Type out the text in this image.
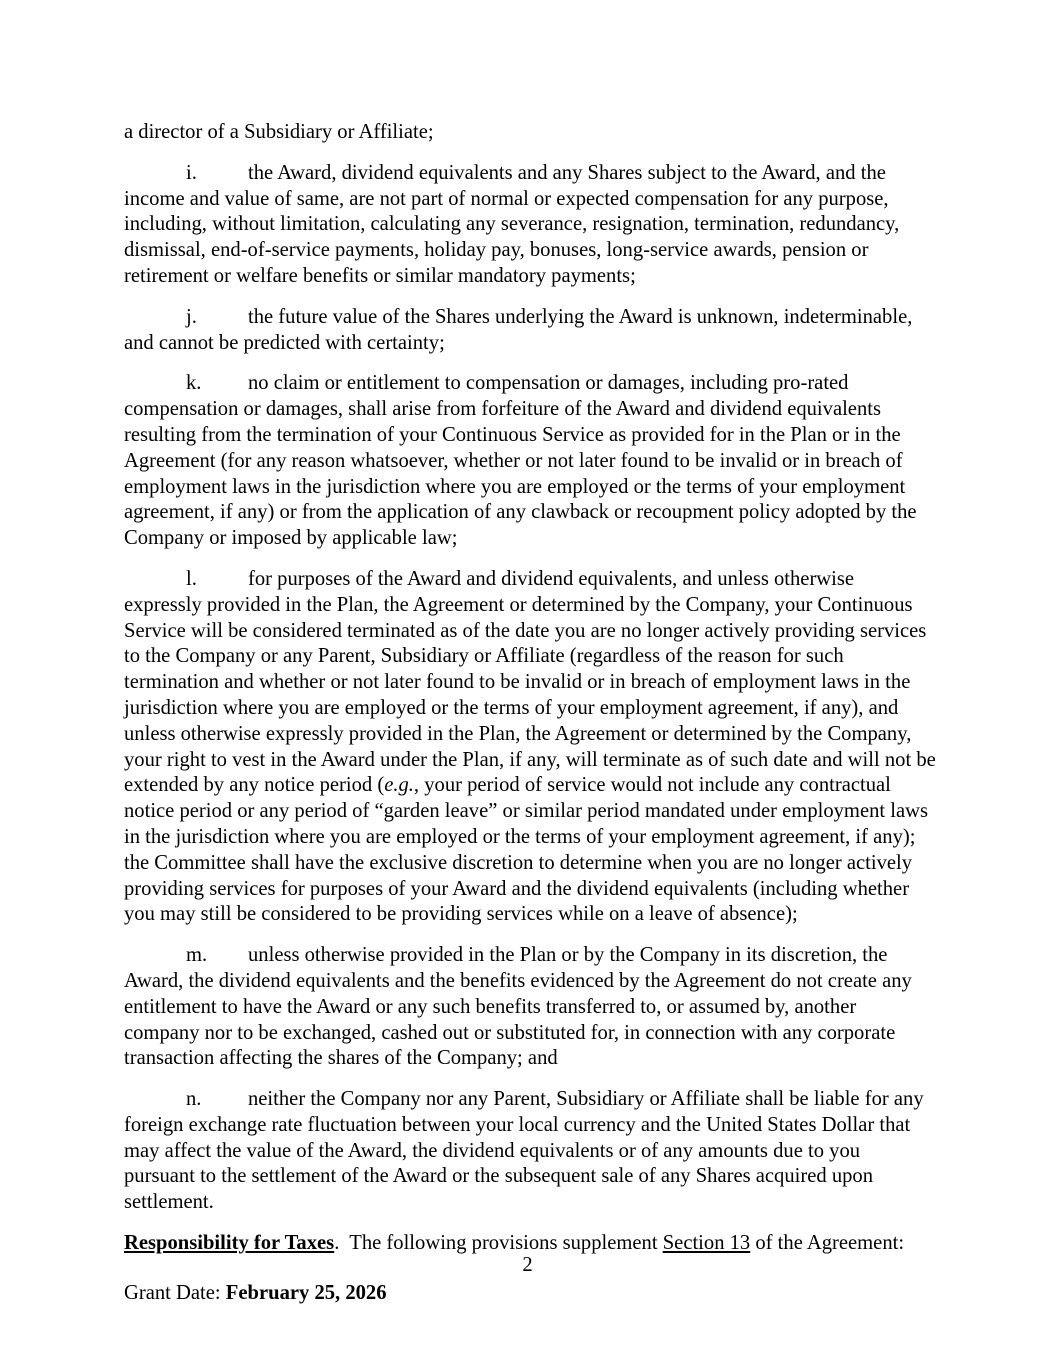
a director of a Subsidiary or Affiliate;

i. the Award, dividend equivalents and any Shares subject to the Award, and the income and value of same, are not part of normal or expected compensation for any purpose, including, without limitation, calculating any severance, resignation, termination, redundancy, dismissal, end-of-service payments, holiday pay, bonuses, long-service awards, pension or retirement or welfare benefits or similar mandatory payments;

j. the future value of the Shares underlying the Award is unknown, indeterminable, and cannot be predicted with certainty;

k. no claim or entitlement to compensation or damages, including pro-rated compensation or damages, shall arise from forfeiture of the Award and dividend equivalents resulting from the termination of your Continuous Service as provided for in the Plan or in the Agreement (for any reason whatsoever, whether or not later found to be invalid or in breach of employment laws in the jurisdiction where you are employed or the terms of your employment agreement, if any) or from the application of any clawback or recoupment policy adopted by the Company or imposed by applicable law;

l. for purposes of the Award and dividend equivalents, and unless otherwise expressly provided in the Plan, the Agreement or determined by the Company, your Continuous Service will be considered terminated as of the date you are no longer actively providing services to the Company or any Parent, Subsidiary or Affiliate (regardless of the reason for such termination and whether or not later found to be invalid or in breach of employment laws in the jurisdiction where you are employed or the terms of your employment agreement, if any), and unless otherwise expressly provided in the Plan, the Agreement or determined by the Company, your right to vest in the Award under the Plan, if any, will terminate as of such date and will not be extended by any notice period (e.g., your period of service would not include any contractual notice period or any period of “garden leave” or similar period mandated under employment laws in the jurisdiction where you are employed or the terms of your employment agreement, if any); the Committee shall have the exclusive discretion to determine when you are no longer actively providing services for purposes of your Award and the dividend equivalents (including whether you may still be considered to be providing services while on a leave of absence);

m. unless otherwise provided in the Plan or by the Company in its discretion, the Award, the dividend equivalents and the benefits evidenced by the Agreement do not create any entitlement to have the Award or any such benefits transferred to, or assumed by, another company nor to be exchanged, cashed out or substituted for, in connection with any corporate transaction affecting the shares of the Company; and

n. neither the Company nor any Parent, Subsidiary or Affiliate shall be liable for any foreign exchange rate fluctuation between your local currency and the United States Dollar that may affect the value of the Award, the dividend equivalents or of any amounts due to you pursuant to the settlement of the Award or the subsequent sale of any Shares acquired upon settlement.

Responsibility for Taxes.  The following provisions supplement Section 13 of the Agreement:

2
Grant Date: February 25, 2026
